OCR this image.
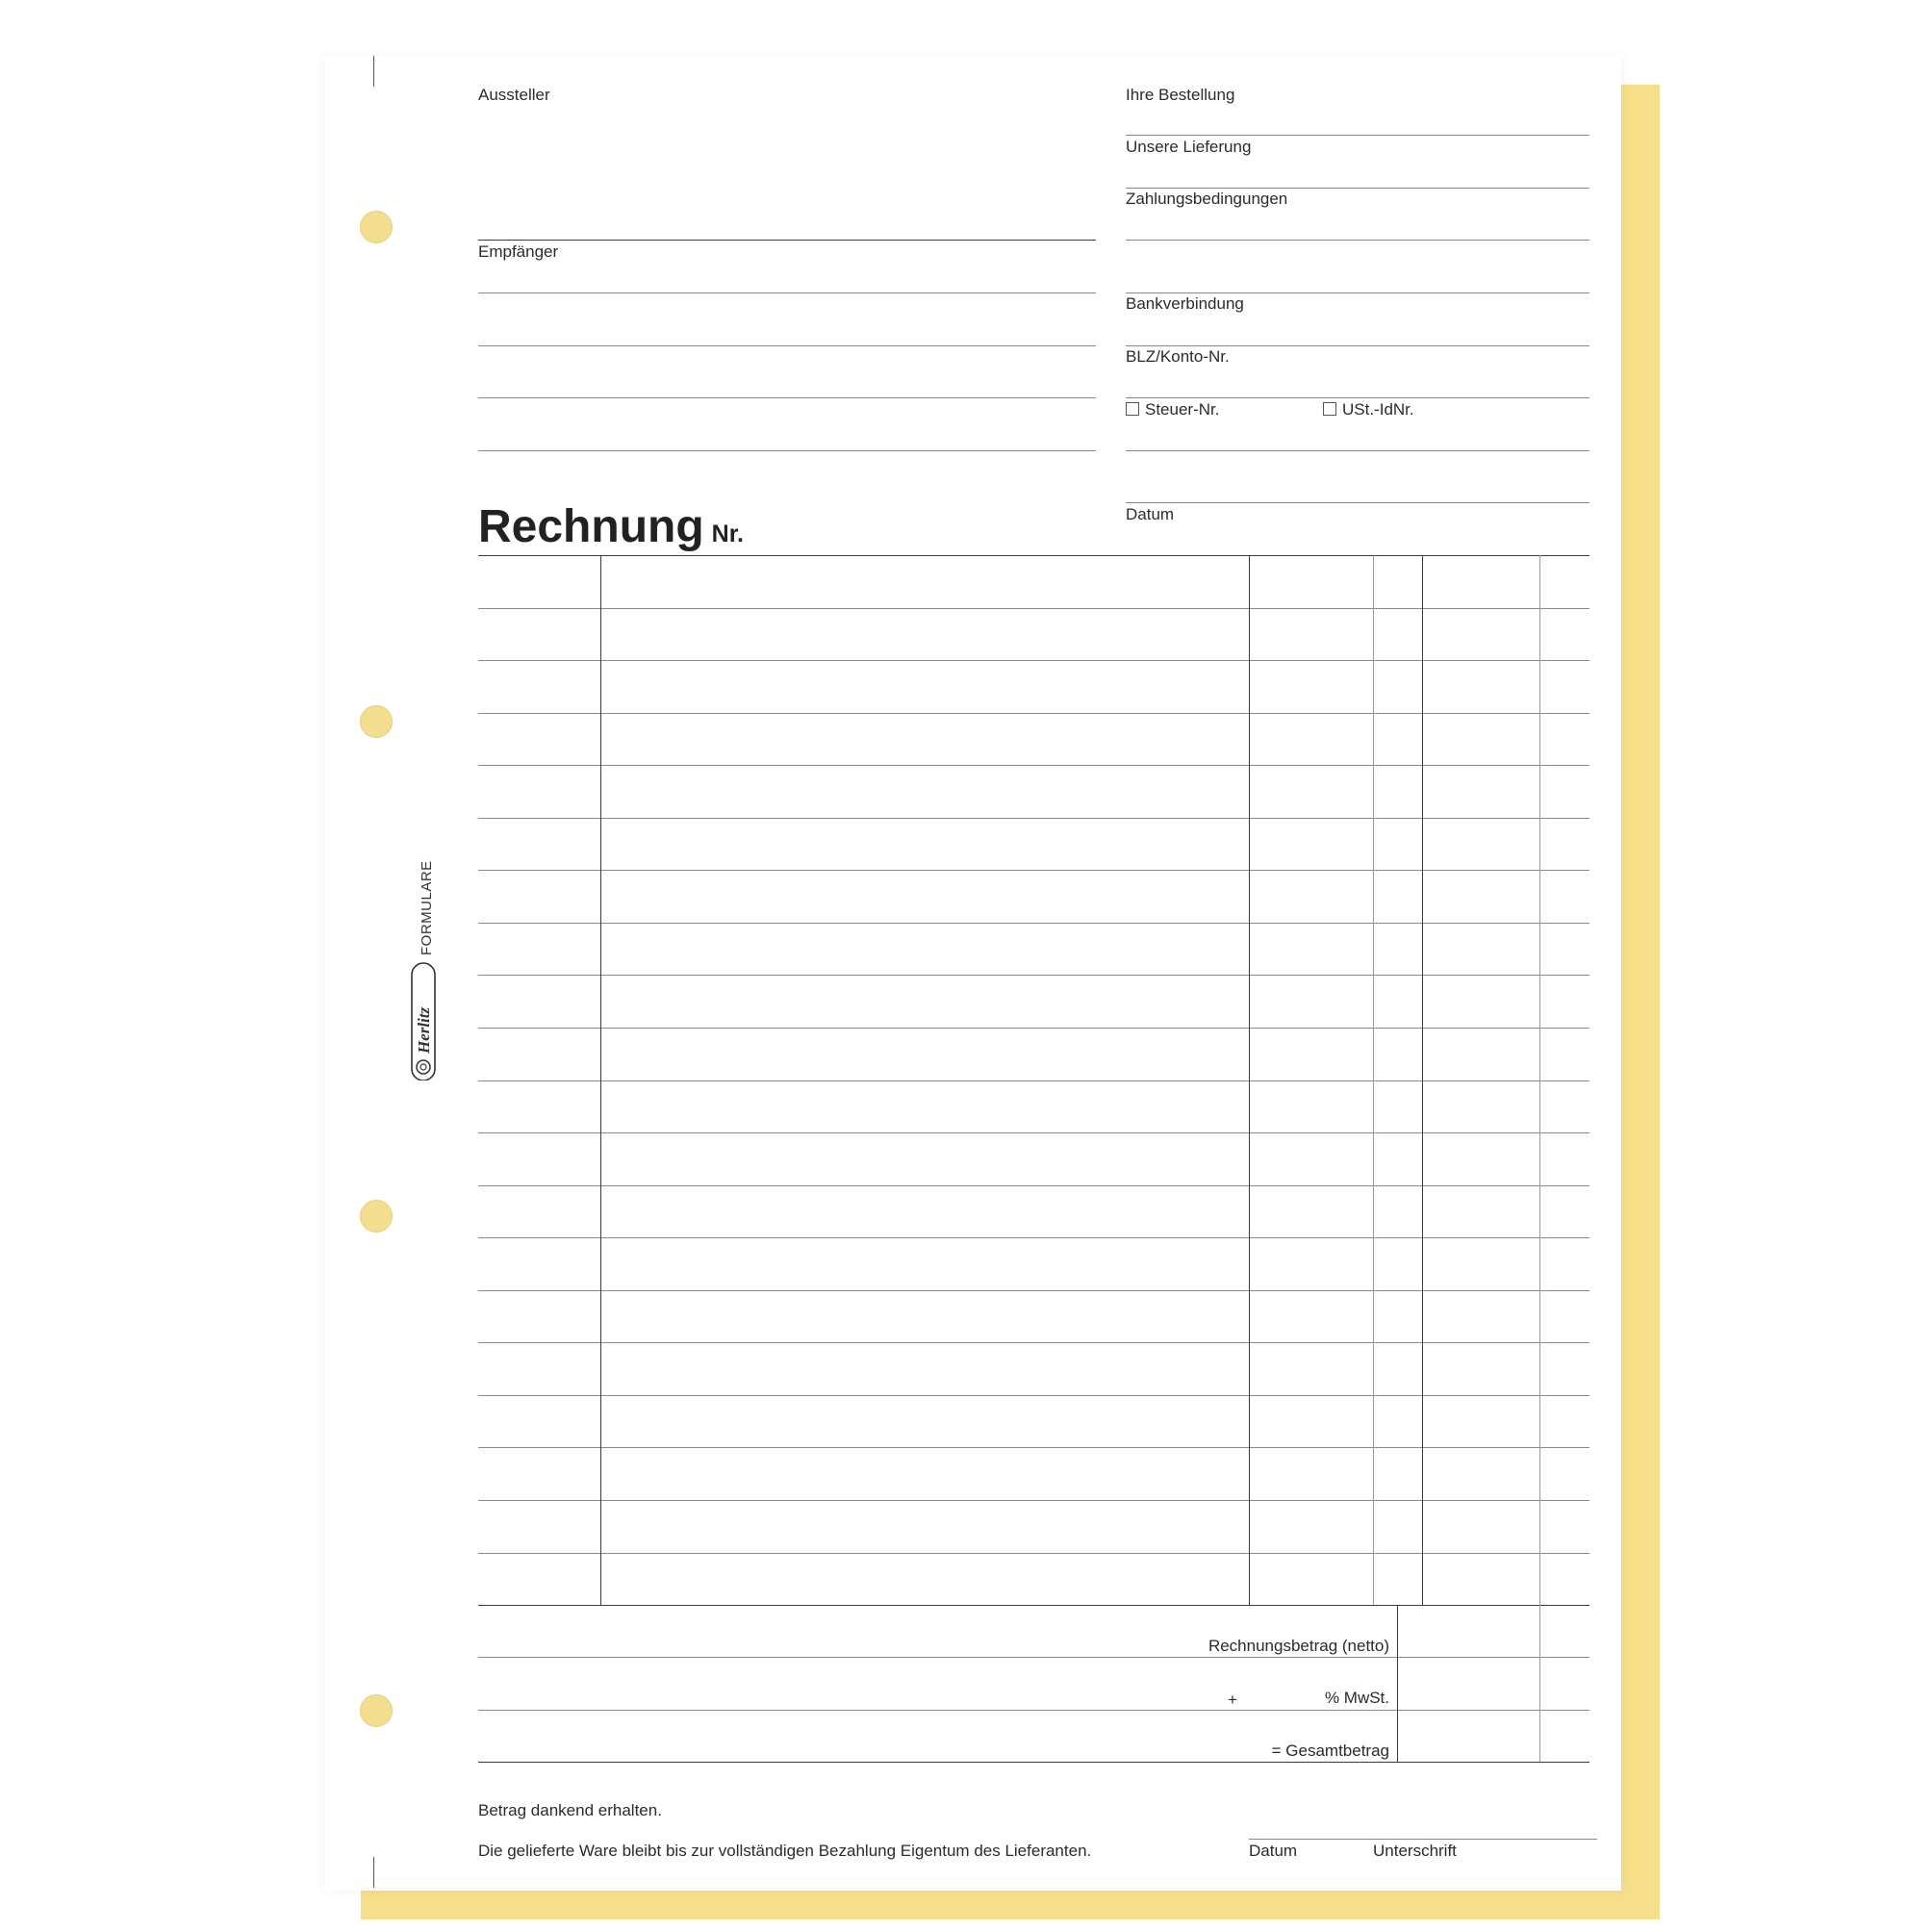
Herlitz
FORMULARE
Aussteller
Empfänger
Ihre Bestellung
Unsere Lieferung
Zahlungsbedingungen
Bankverbindung
BLZ/Konto-Nr.
Steuer-Nr.	USt.-IdNr.
Datum
Rechnung Nr.
Rechnungsbetrag (netto)
+	% MwSt.
= Gesamtbetrag
Betrag dankend erhalten.
Die gelieferte Ware bleibt bis zur vollständigen Bezahlung Eigentum des Lieferanten.	Datum	Unterschrift
